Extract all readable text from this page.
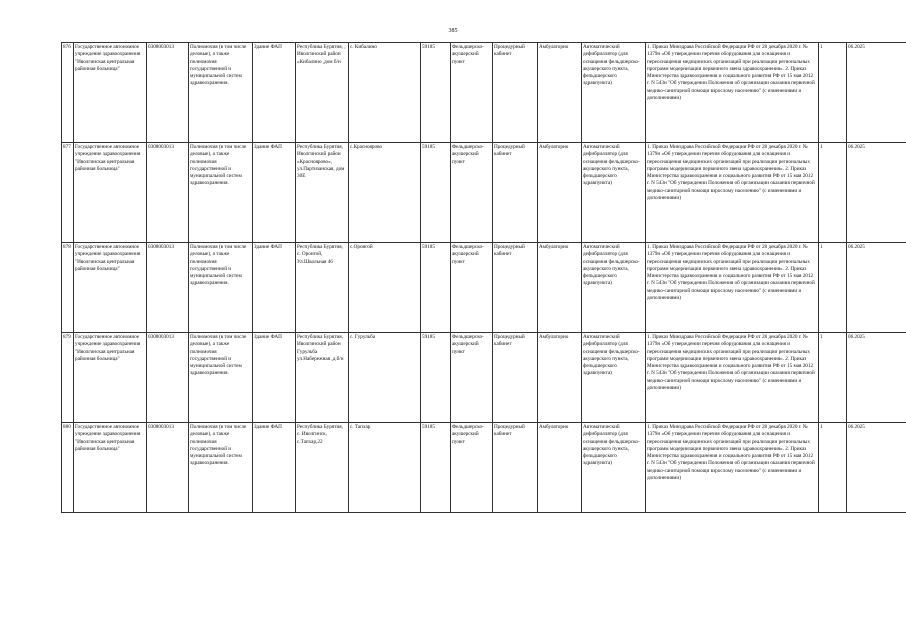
385
876	Государственное автономное учреждение здравоохранения "Иволгинская центральная районная больница"	0308003013	Полномочия (в том числе деловые), а также полномочия государственной и муниципальной систем здравоохранения.	Здание ФАП	Республика Бурятия, , Иволгинский район «Кибалино ,дом б/н	с. Кибалино	59185	Фельдшерско-акушерский пункт	Процедурный кабинет	Амбулаторно	Автоматический дефибриллятор (для оснащения фельдшерско-акушерского пункта, фельдшерского здравпункта)	1. Приказ Минздрава Российской Федерации РФ от 28 декабря 2020 г. № 1379н «Об утверждении перечня оборудования для оснащения и переоснащения медицинских организаций при реализации региональных программ модернизации первичного звена здравоохранения». 2. Приказ Министерства здравоохранения и социального развития РФ от 15 мая 2012 г. N 543н "Об утверждении Положения об организации оказания первичной медико-санитарной помощи взрослому населению" (с изменениями и дополнениями)	1	06.2025
877	Государственное автономное учреждение здравоохранения "Иволгинская центральная районная больница"	0308003013	Полномочия (в том числе деловые), а также полномочия государственной и муниципальной систем здравоохранения.	Здание ФАП	Республика Бурятия, Иволгинский район «Красноярово», ул.Партизанская, дом 30Е	с.Красноярово	59185	Фельдшерско-акушерский пункт	Процедурный кабинет	Амбулаторно	Автоматический дефибриллятор (для оснащения фельдшерско-акушерского пункта, фельдшерского здравпункта)	1. Приказ Минздрава Российской Федерации РФ от 28 декабря 2020 г. № 1379н «Об утверждении перечня оборудования для оснащения и переоснащения медицинских организаций при реализации региональных программ модернизации первичного звена здравоохранения». 2. Приказ Министерства здравоохранения и социального развития РФ от 15 мая 2012 г. N 543н "Об утверждении Положения об организации оказания первичной медико-санитарной помощи взрослому населению" (с изменениями и дополнениями)	1	06.2025
878	Государственное автономное учреждение здравоохранения "Иволгинская центральная районная больница"	0308003013	Полномочия (в том числе деловые), а также полномочия государственной и муниципальной систем здравоохранения.	Здание ФАП	Республика Бурятия, с. Оронгой, Ул.Школьная 46	с.Оронгой	59185	Фельдшерско-акушерский пункт	Процедурный кабинет	Амбулаторно	Автоматический дефибриллятор (для оснащения фельдшерско-акушерского пункта, фельдшерского здравпункта)	1. Приказ Минздрава Российской Федерации РФ от 28 декабря 2020 г. № 1379н «Об утверждении перечня оборудования для оснащения и переоснащения медицинских организаций при реализации региональных программ модернизации первичного звена здравоохранения». 2. Приказ Министерства здравоохранения и социального развития РФ от 15 мая 2012 г. N 543н "Об утверждении Положения об организации оказания первичной медико-санитарной помощи взрослому населению" (с изменениями и дополнениями)	1	06.2025
879	Государственное автономное учреждение здравоохранения "Иволгинская центральная районная больница"	0308003013	Полномочия (в том числе деловые), а также полномочия государственной и муниципальной систем здравоохранения.	Здание ФАП	Республика Бурятия, Иволгинский район Гурульба ул.Набережная ,д.б/н	с. Гурульба	59185	Фельдшерско-акушерский пункт	Процедурный кабинет	Амбулаторно	Автоматический дефибриллятор (для оснащения фельдшерско-акушерского пункта, фельдшерского здравпункта)	1. Приказ Минздрава Российской Федерации РФ от 28 декабря 2020 г. № 1379н «Об утверждении перечня оборудования для оснащения и переоснащения медицинских организаций при реализации региональных программ модернизации первичного звена здравоохранения». 2. Приказ Министерства здравоохранения и социального развития РФ от 15 мая 2012 г. N 543н "Об утверждении Положения об организации оказания первичной медико-санитарной помощи взрослому населению" (с изменениями и дополнениями)	1	06.2025
880	Государственное автономное учреждение здравоохранения "Иволгинская центральная районная больница"	0308003013	Полномочия (в том числе деловые), а также полномочия государственной и муниципальной систем здравоохранения.	Здание ФАП	Республика Бурятия, с. Иволгинск, с.Тапхар,22	с. Тапхар	59185	Фельдшерско-акушерский пункт	Процедурный кабинет	Амбулаторно	Автоматический дефибриллятор (для оснащения фельдшерско-акушерского пункта, фельдшерского здравпункта)	1. Приказ Минздрава Российской Федерации РФ от 28 декабря 2020 г. № 1379н «Об утверждении перечня оборудования для оснащения и переоснащения медицинских организаций при реализации региональных программ модернизации первичного звена здравоохранения». 2. Приказ Министерства здравоохранения и социального развития РФ от 15 мая 2012 г. N 543н "Об утверждении Положения об организации оказания первичной медико-санитарной помощи взрослому населению" (с изменениями и дополнениями)	1	06.2025
